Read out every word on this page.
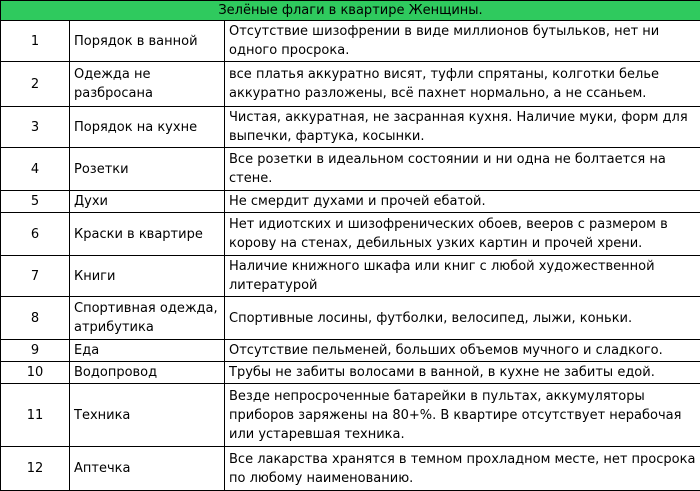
Зелёные флаги в квартире Женщины.		
1	Порядок в ванной	Отсутствие шизофрении в виде миллионов бутыльков, нет ни одного просрока.
2	Одежда не разбросана	все платья аккуратно висят, туфли спрятаны, колготки белье аккуратно разложены, всё пахнет нормально, а не ссаньем.
3	Порядок на кухне	Чистая, аккуратная, не засранная кухня. Наличие муки, форм для выпечки, фартука, косынки.
4	Розетки	Все розетки в идеальном состоянии и ни одна не болтается на стене.
5	Духи	Не смердит духами и прочей ебатой.
6	Краски в квартире	Нет идиотских и шизофренических обоев, вееров с размером в корову на стенах, дебильных узких картин и прочей хрени.
7	Книги	Наличие книжного шкафа или книг с любой художественной литературой
8	Спортивная одежда, атрибутика	Спортивные лосины, футболки, велосипед, лыжи, коньки.
9	Еда	Отсутствие пельменей, больших объемов мучного и сладкого.
10	Водопровод	Трубы не забиты волосами в ванной, в кухне не забиты едой.
11	Техника	Везде непросроченные батарейки в пультах, аккумуляторы приборов заряжены на 80+%. В квартире отсутствует нерабочая или устаревшая техника.
12	Аптечка	Все лакарства хранятся в темном прохладном месте, нет просрока по любому наименованию.
